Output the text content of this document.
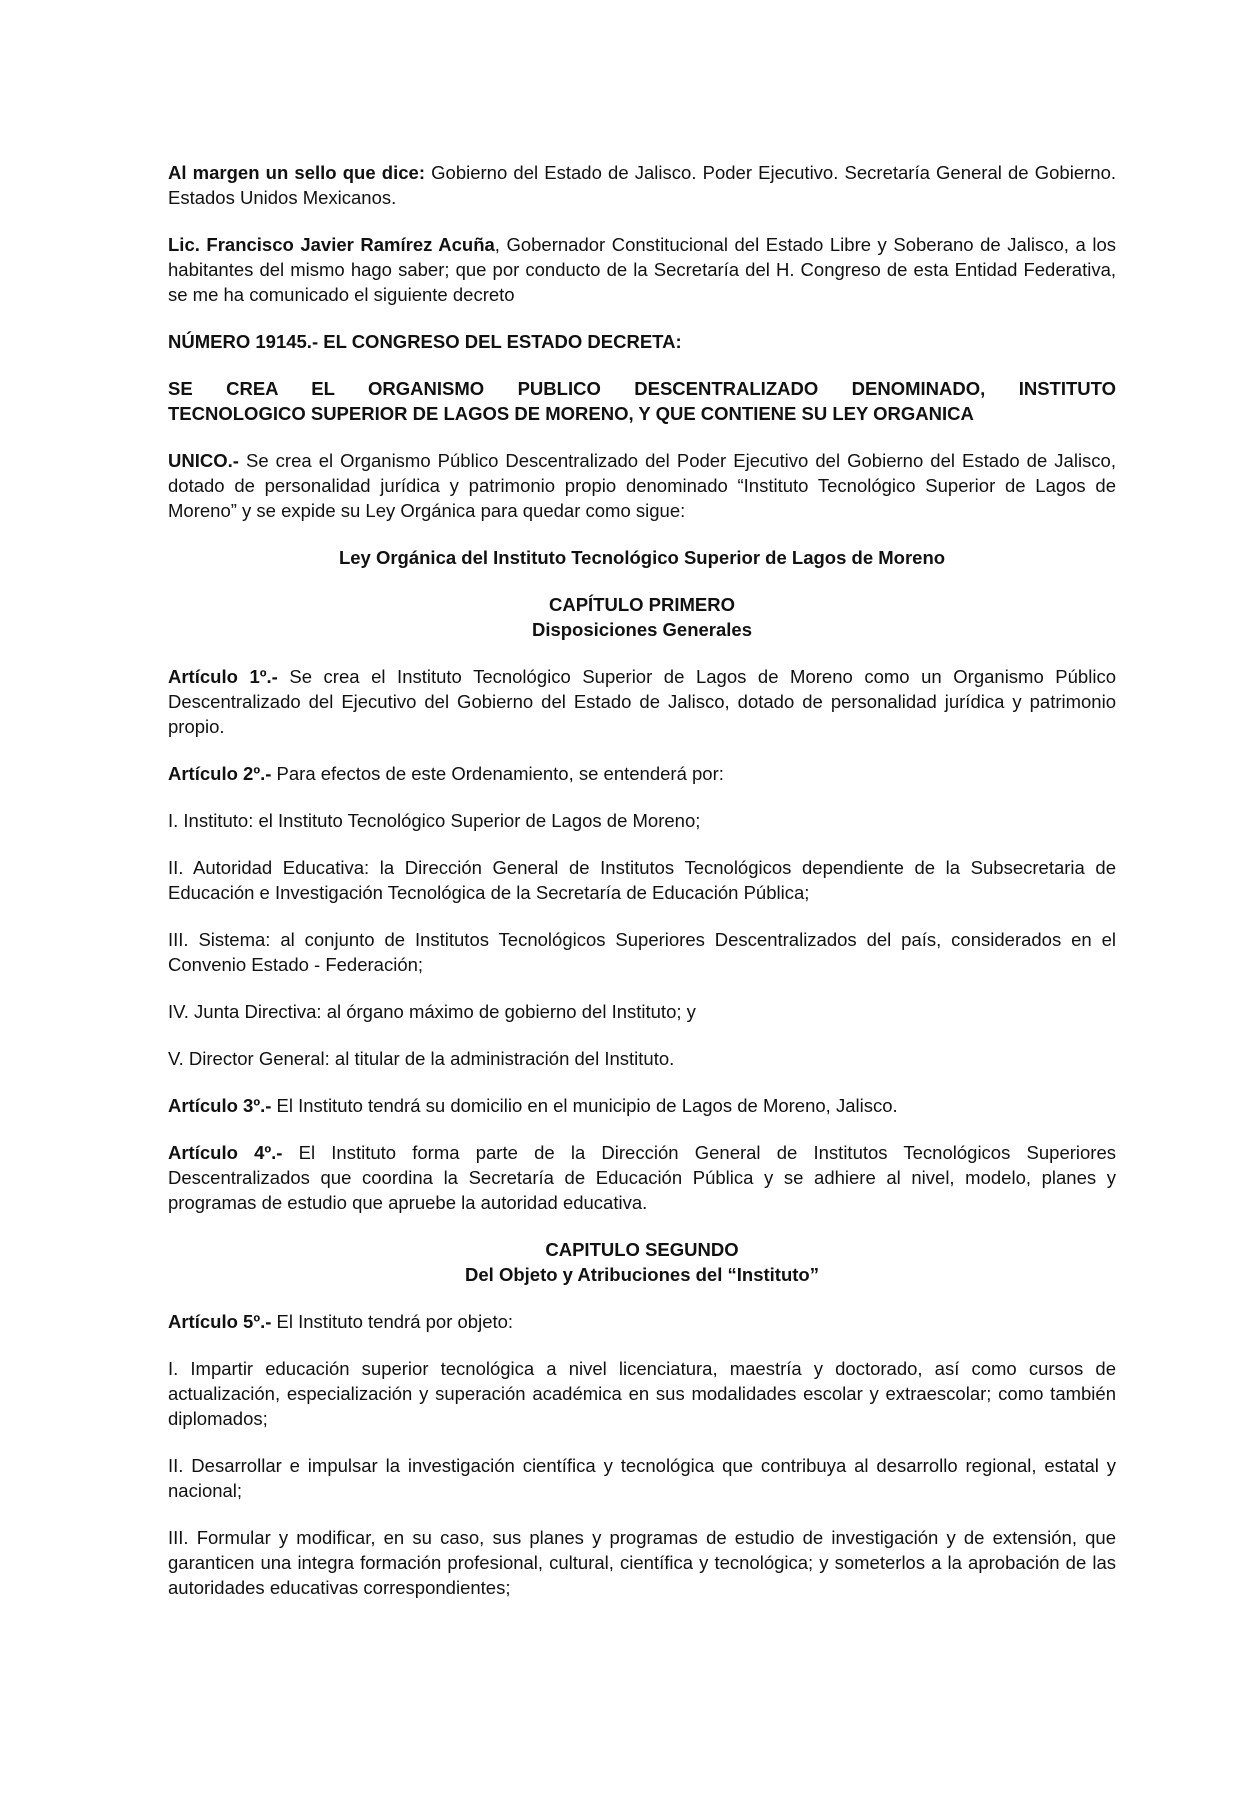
Al margen un sello que dice: Gobierno del Estado de Jalisco. Poder Ejecutivo. Secretaría General de Gobierno. Estados Unidos Mexicanos.

Lic. Francisco Javier Ramírez Acuña, Gobernador Constitucional del Estado Libre y Soberano de Jalisco, a los habitantes del mismo hago saber; que por conducto de la Secretaría del H. Congreso de esta Entidad Federativa, se me ha comunicado el siguiente decreto

NÚMERO 19145.- EL CONGRESO DEL ESTADO DECRETA:

SE CREA EL ORGANISMO PUBLICO DESCENTRALIZADO DENOMINADO, INSTITUTO
TECNOLOGICO SUPERIOR DE LAGOS DE MORENO, Y QUE CONTIENE SU LEY ORGANICA

UNICO.- Se crea el Organismo Público Descentralizado del Poder Ejecutivo del Gobierno del Estado de Jalisco, dotado de personalidad jurídica y patrimonio propio denominado “Instituto Tecnológico Superior de Lagos de Moreno” y se expide su Ley Orgánica para quedar como sigue:

Ley Orgánica del Instituto Tecnológico Superior de Lagos de Moreno

CAPÍTULO PRIMERO
Disposiciones Generales

Artículo 1º.- Se crea el Instituto Tecnológico Superior de Lagos de Moreno como un Organismo Público Descentralizado del Ejecutivo del Gobierno del Estado de Jalisco, dotado de personalidad jurídica y patrimonio propio.

Artículo 2º.- Para efectos de este Ordenamiento, se entenderá por:

I. Instituto: el Instituto Tecnológico Superior de Lagos de Moreno;

II. Autoridad Educativa: la Dirección General de Institutos Tecnológicos dependiente de la Subsecretaria de Educación e Investigación Tecnológica de la Secretaría de Educación Pública;

III. Sistema: al conjunto de Institutos Tecnológicos Superiores Descentralizados del país, considerados en el Convenio Estado - Federación;

IV. Junta Directiva: al órgano máximo de gobierno del Instituto; y

V. Director General: al titular de la administración del Instituto.

Artículo 3º.- El Instituto tendrá su domicilio en el municipio de Lagos de Moreno, Jalisco.

Artículo 4º.- El Instituto forma parte de la Dirección General de Institutos Tecnológicos Superiores Descentralizados que coordina la Secretaría de Educación Pública y se adhiere al nivel, modelo, planes y programas de estudio que apruebe la autoridad educativa.

CAPITULO SEGUNDO
Del Objeto y Atribuciones del “Instituto”

Artículo 5º.- El Instituto tendrá por objeto:

I. Impartir educación superior tecnológica a nivel licenciatura, maestría y doctorado, así como cursos de actualización, especialización y superación académica en sus modalidades escolar y extraescolar; como también diplomados;

II. Desarrollar e impulsar la investigación científica y tecnológica que contribuya al desarrollo regional, estatal y nacional;

III. Formular y modificar, en su caso, sus planes y programas de estudio de investigación y de extensión, que garanticen una integra formación profesional, cultural, científica y tecnológica; y someterlos a la aprobación de las autoridades educativas correspondientes;
